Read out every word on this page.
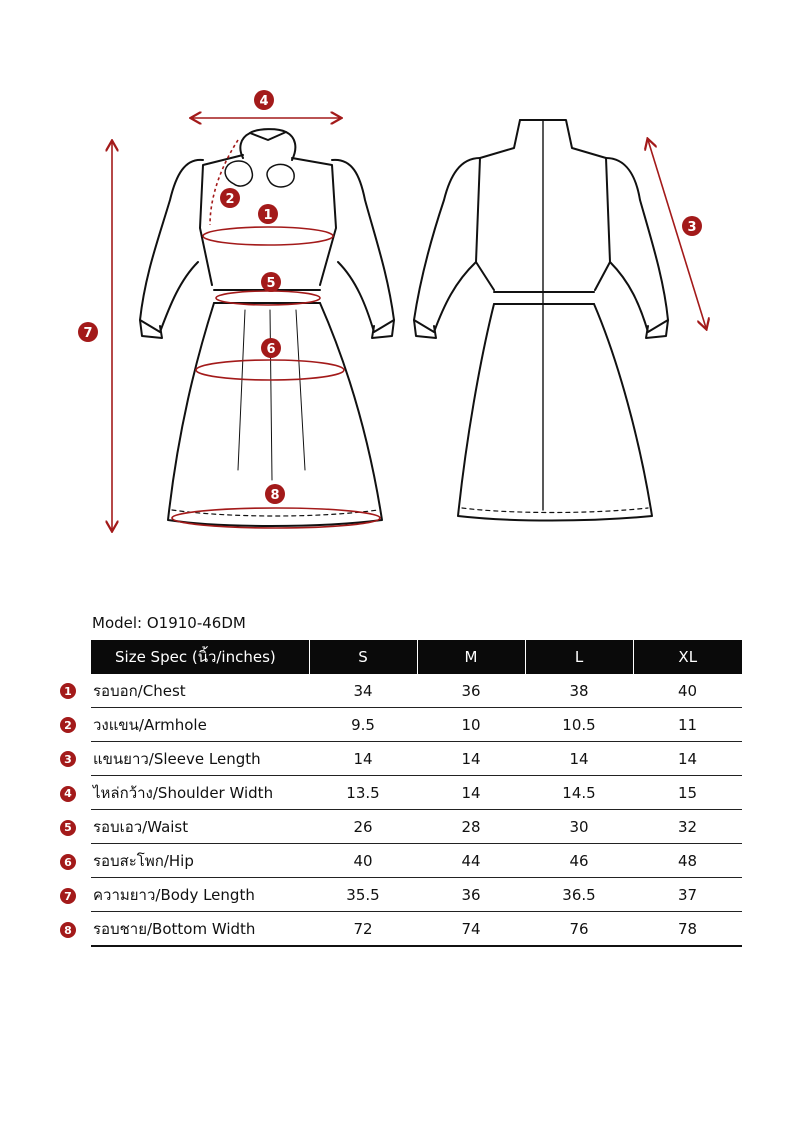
4
2
1
5
6
7
8
3
Model: O1910-46DM
1
2
3
4
5
6
7
8
Size Spec (นิ้ว/inches)	S	M	L	XL
รอบอก/Chest	34	36	38	40
วงแขน/Armhole	9.5	10	10.5	11
แขนยาว/Sleeve Length	14	14	14	14
ไหล่กว้าง/Shoulder Width	13.5	14	14.5	15
รอบเอว/Waist	26	28	30	32
รอบสะโพก/Hip	40	44	46	48
ความยาว/Body Length	35.5	36	36.5	37
รอบชาย/Bottom Width	72	74	76	78
